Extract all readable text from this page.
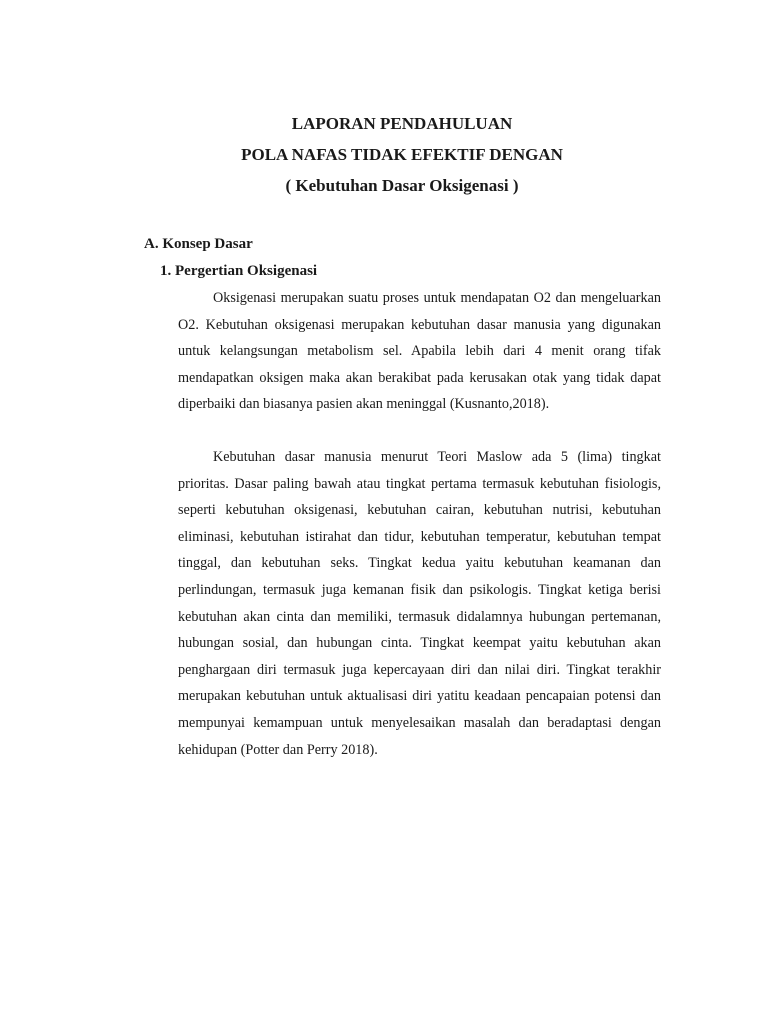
LAPORAN PENDAHULUAN

POLA NAFAS TIDAK EFEKTIF DENGAN

( Kebutuhan Dasar Oksigenasi )

A. Konsep Dasar

1. Pergertian Oksigenasi

Oksigenasi merupakan suatu proses untuk mendapatan O2 dan mengeluarkan O2. Kebutuhan oksigenasi merupakan kebutuhan dasar manusia yang digunakan untuk kelangsungan metabolism sel. Apabila lebih dari 4 menit orang tifak mendapatkan oksigen maka akan berakibat pada kerusakan otak yang tidak dapat diperbaiki dan biasanya pasien akan meninggal (Kusnanto,2018).

Kebutuhan dasar manusia menurut Teori Maslow ada 5 (lima) tingkat prioritas. Dasar paling bawah atau tingkat pertama termasuk kebutuhan fisiologis, seperti kebutuhan oksigenasi, kebutuhan cairan, kebutuhan nutrisi, kebutuhan eliminasi, kebutuhan istirahat dan tidur, kebutuhan temperatur, kebutuhan tempat tinggal, dan kebutuhan seks. Tingkat kedua yaitu kebutuhan keamanan dan perlindungan, termasuk juga kemanan fisik dan psikologis. Tingkat ketiga berisi kebutuhan akan cinta dan memiliki, termasuk didalamnya hubungan pertemanan, hubungan sosial, dan hubungan cinta. Tingkat keempat yaitu kebutuhan akan penghargaan diri termasuk juga kepercayaan diri dan nilai diri. Tingkat terakhir merupakan kebutuhan untuk aktualisasi diri yatitu keadaan pencapaian potensi dan mempunyai kemampuan untuk menyelesaikan masalah dan beradaptasi dengan kehidupan (Potter dan Perry 2018).
